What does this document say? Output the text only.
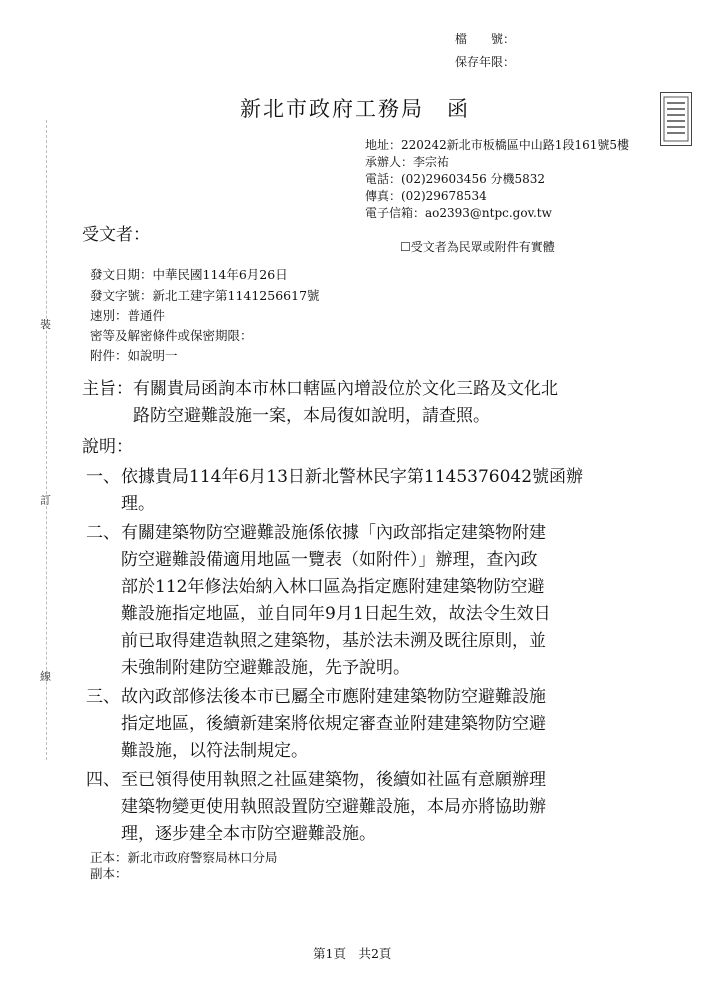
裝
訂
線
檔　　號：
保存年限：
新北市政府工務局　函
地址：220242新北市板橋區中山路1段161號5樓
承辦人：李宗祐
電話：(02)29603456 分機5832
傳真：(02)29678534
電子信箱：ao2393@ntpc.gov.tw
受文者：
☐受文者為民眾或附件有實體
發文日期：中華民國114年6月26日
發文字號：新北工建字第1141256617號
速別：普通件
密等及解密條件或保密期限：
附件：如說明一
主旨：有關貴局函詢本市林口轄區內增設位於文化三路及文化北
路防空避難設施一案，本局復如說明，請查照。
說明：
一、 依據貴局114年6月13日新北警林民字第1145376042號函辦
理。
二、 有關建築物防空避難設施係依據「內政部指定建築物附建
防空避難設備適用地區一覽表（如附件）」辦理，查內政
部於112年修法始納入林口區為指定應附建建築物防空避
難設施指定地區，並自同年9月1日起生效，故法令生效日
前已取得建造執照之建築物，基於法未溯及既往原則，並
未強制附建防空避難設施，先予說明。
三、 故內政部修法後本市已屬全市應附建建築物防空避難設施
指定地區，後續新建案將依規定審查並附建建築物防空避
難設施，以符法制規定。
四、 至已領得使用執照之社區建築物，後續如社區有意願辦理
建築物變更使用執照設置防空避難設施，本局亦將協助辦
理，逐步建全本市防空避難設施。
正本：新北市政府警察局林口分局
副本：
第1頁　共2頁
